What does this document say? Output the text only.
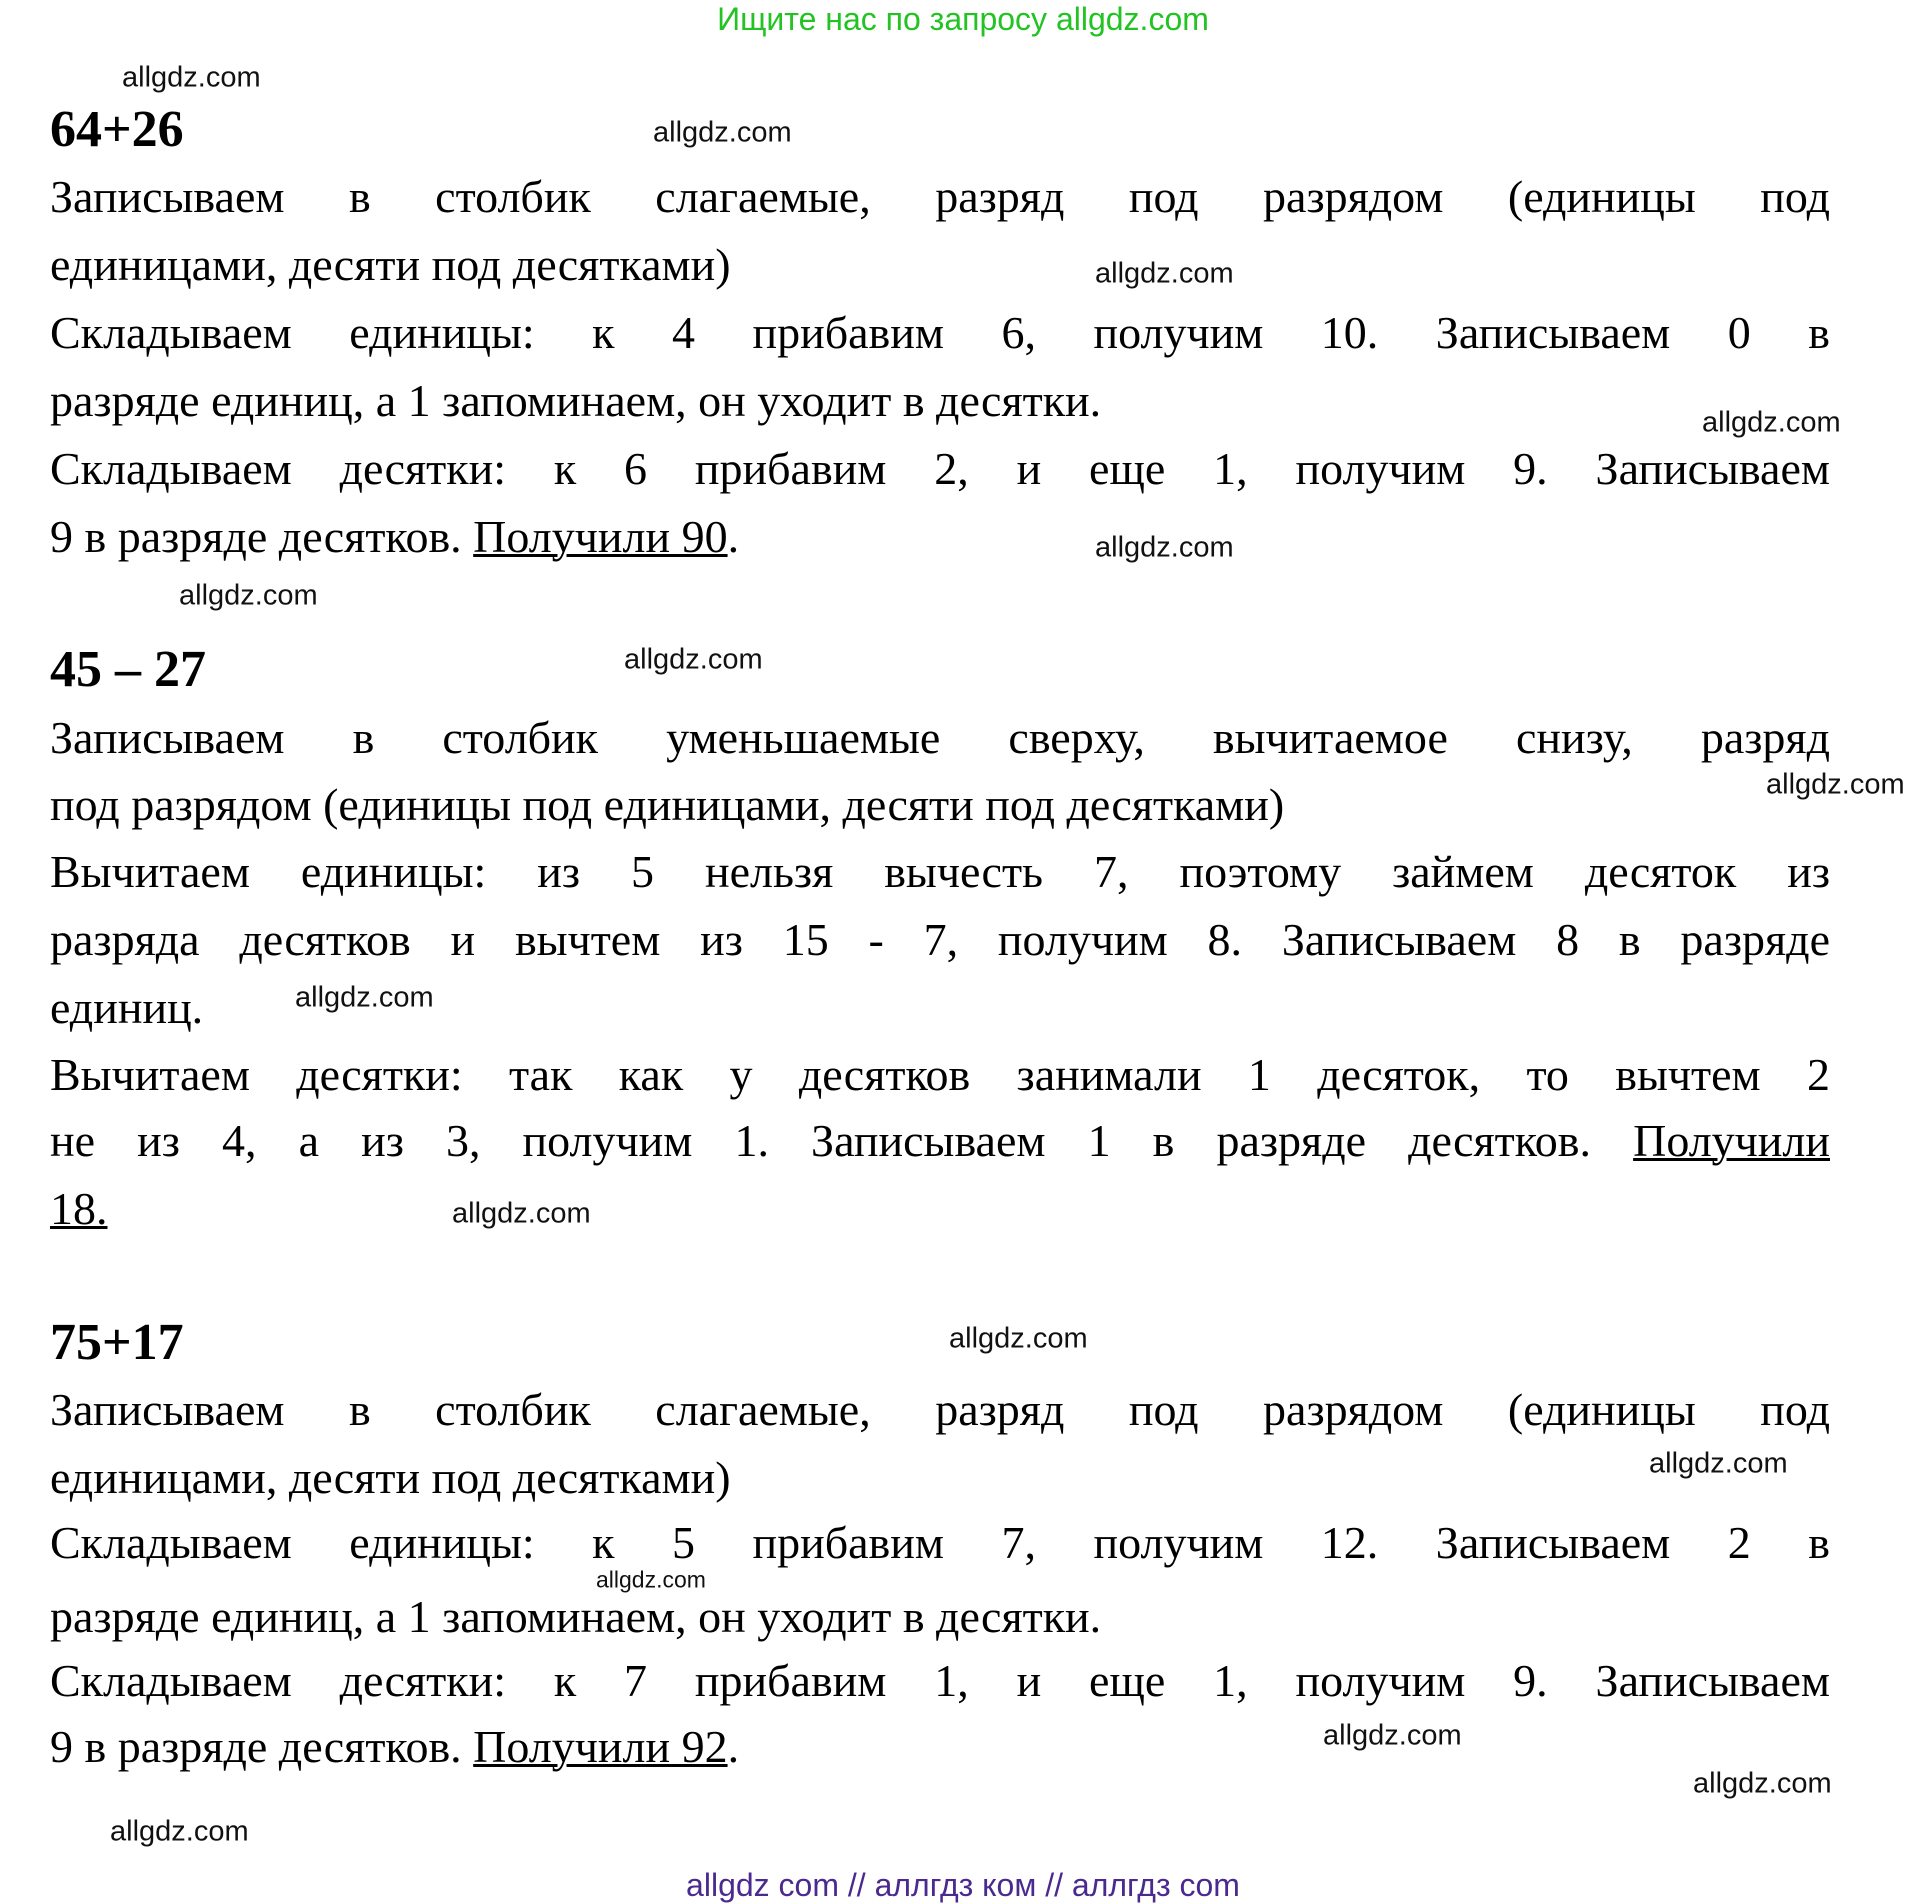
Ищите нас по запросу allgdz.com
64+26
Записываем в столбик слагаемые, разряд под разрядом (единицы под
единицами, десяти под десятками)
Складываем единицы: к 4 прибавим 6, получим 10. Записываем 0 в
разряде единиц, а 1 запоминаем, он уходит в десятки.
Складываем десятки: к 6 прибавим 2, и еще 1, получим 9. Записываем
9 в разряде десятков. Получили 90.
45 – 27
Записываем в столбик уменьшаемые сверху, вычитаемое снизу, разряд
под разрядом (единицы под единицами, десяти под десятками)
Вычитаем единицы: из 5 нельзя вычесть 7, поэтому займем десяток из
разряда десятков и вычтем из 15 - 7, получим 8. Записываем 8 в разряде
единиц.
Вычитаем десятки: так как у десятков занимали 1 десяток, то вычтем 2
не из 4, а из 3, получим 1. Записываем 1 в разряде десятков. Получили
18.
75+17
Записываем в столбик слагаемые, разряд под разрядом (единицы под
единицами, десяти под десятками)
Складываем единицы: к 5 прибавим 7, получим 12. Записываем 2 в
разряде единиц, а 1 запоминаем, он уходит в десятки.
Складываем десятки: к 7 прибавим 1, и еще 1, получим 9. Записываем
9 в разряде десятков. Получили 92.
allgdz com // аллгдз ком // аллгдз com
allgdz.com
allgdz.com
allgdz.com
allgdz.com
allgdz.com
allgdz.com
allgdz.com
allgdz.com
allgdz.com
allgdz.com
allgdz.com
allgdz.com
allgdz.com
allgdz.com
allgdz.com
allgdz.com
